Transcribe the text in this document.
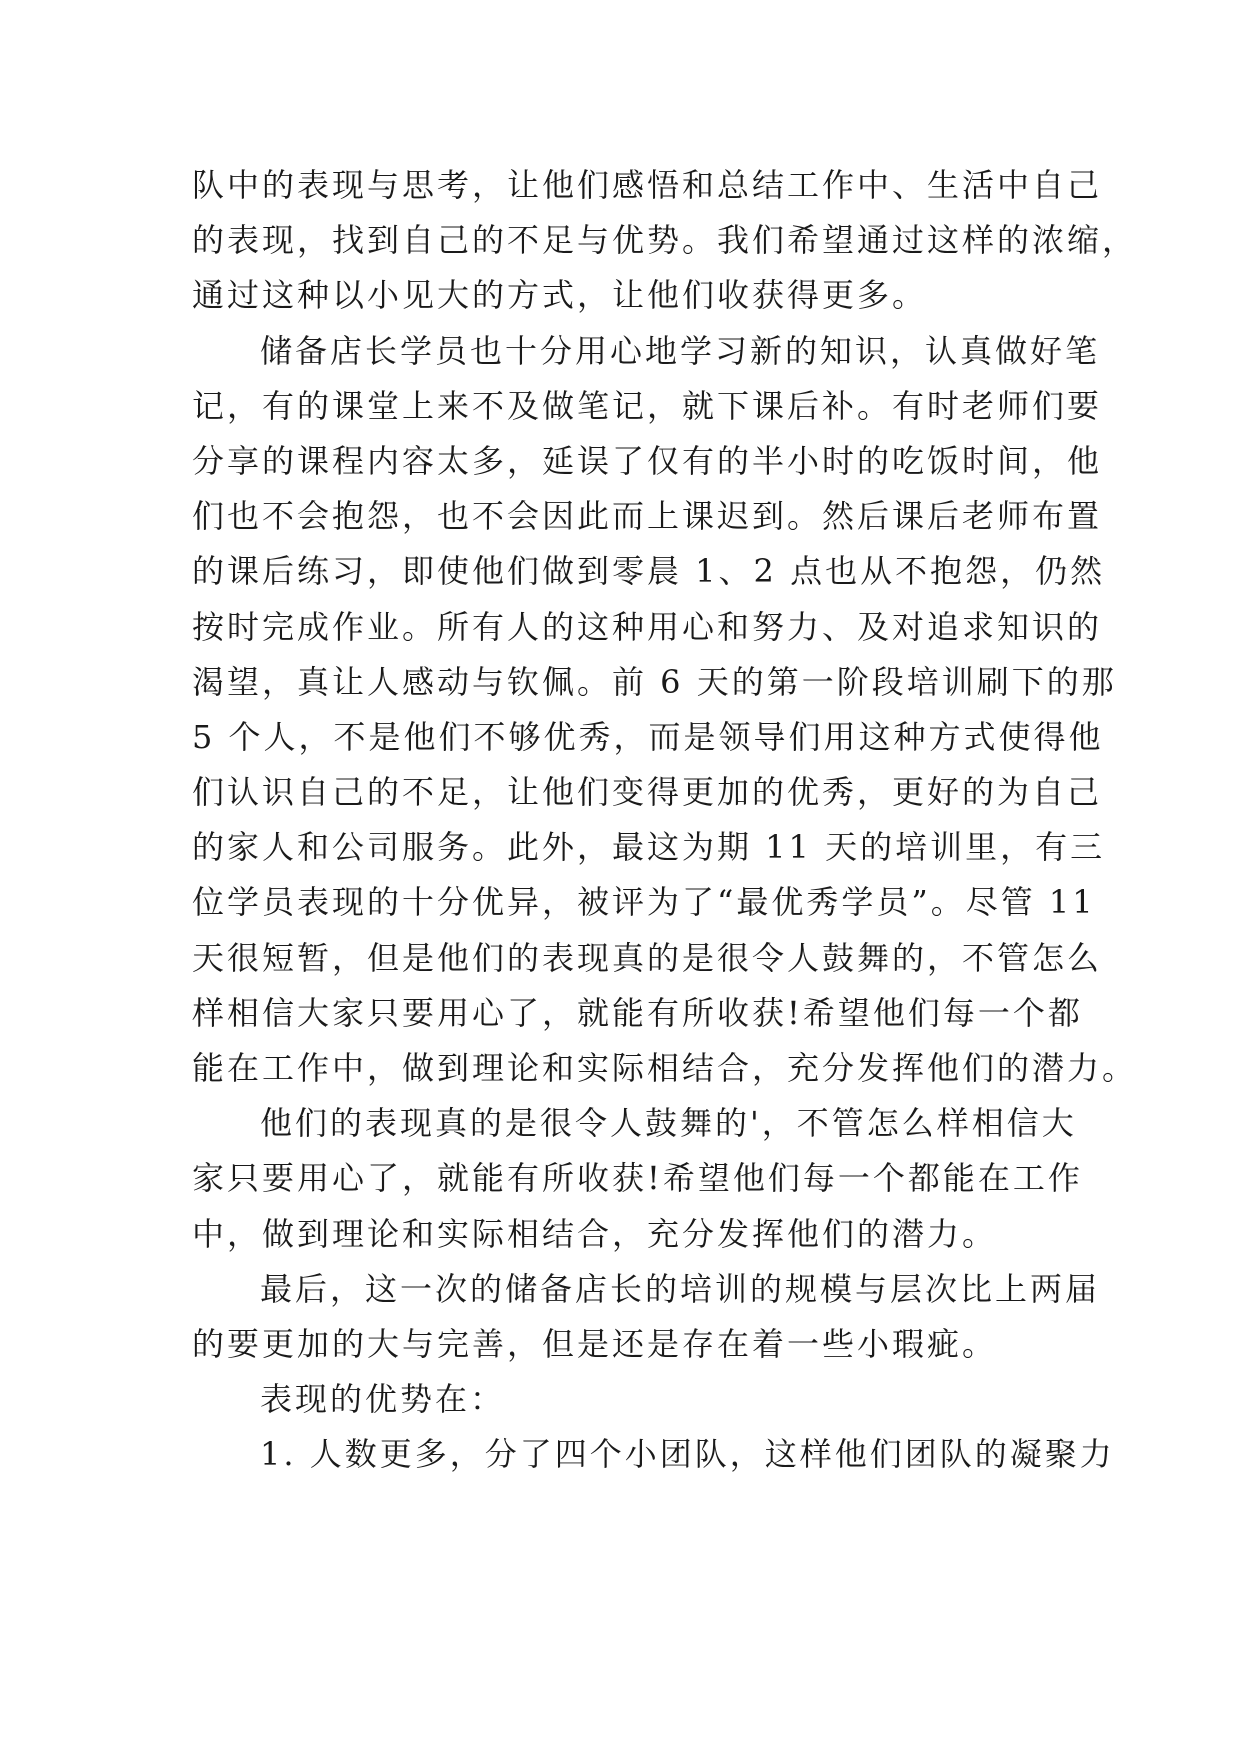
队中的表现与思考，让他们感悟和总结工作中、生活中自己
的表现，找到自己的不足与优势。我们希望通过这样的浓缩，
通过这种以小见大的方式，让他们收获得更多。
储备店长学员也十分用心地学习新的知识，认真做好笔
记，有的课堂上来不及做笔记，就下课后补。有时老师们要
分享的课程内容太多，延误了仅有的半小时的吃饭时间，他
们也不会抱怨，也不会因此而上课迟到。然后课后老师布置
的课后练习，即使他们做到零晨 1、2 点也从不抱怨，仍然
按时完成作业。所有人的这种用心和努力、及对追求知识的
渴望，真让人感动与钦佩。前 6 天的第一阶段培训刷下的那
5 个人，不是他们不够优秀，而是领导们用这种方式使得他
们认识自己的不足，让他们变得更加的优秀，更好的为自己
的家人和公司服务。此外，最这为期 11 天的培训里，有三
位学员表现的十分优异，被评为了“最优秀学员”。尽管 11
天很短暂，但是他们的表现真的是很令人鼓舞的，不管怎么
样相信大家只要用心了，就能有所收获!希望他们每一个都
能在工作中，做到理论和实际相结合，充分发挥他们的潜力。
他们的表现真的是很令人鼓舞的'，不管怎么样相信大
家只要用心了，就能有所收获!希望他们每一个都能在工作
中，做到理论和实际相结合，充分发挥他们的潜力。
最后，这一次的储备店长的培训的规模与层次比上两届
的要更加的大与完善，但是还是存在着一些小瑕疵。
表现的优势在：
1. 人数更多，分了四个小团队，这样他们团队的凝聚力
